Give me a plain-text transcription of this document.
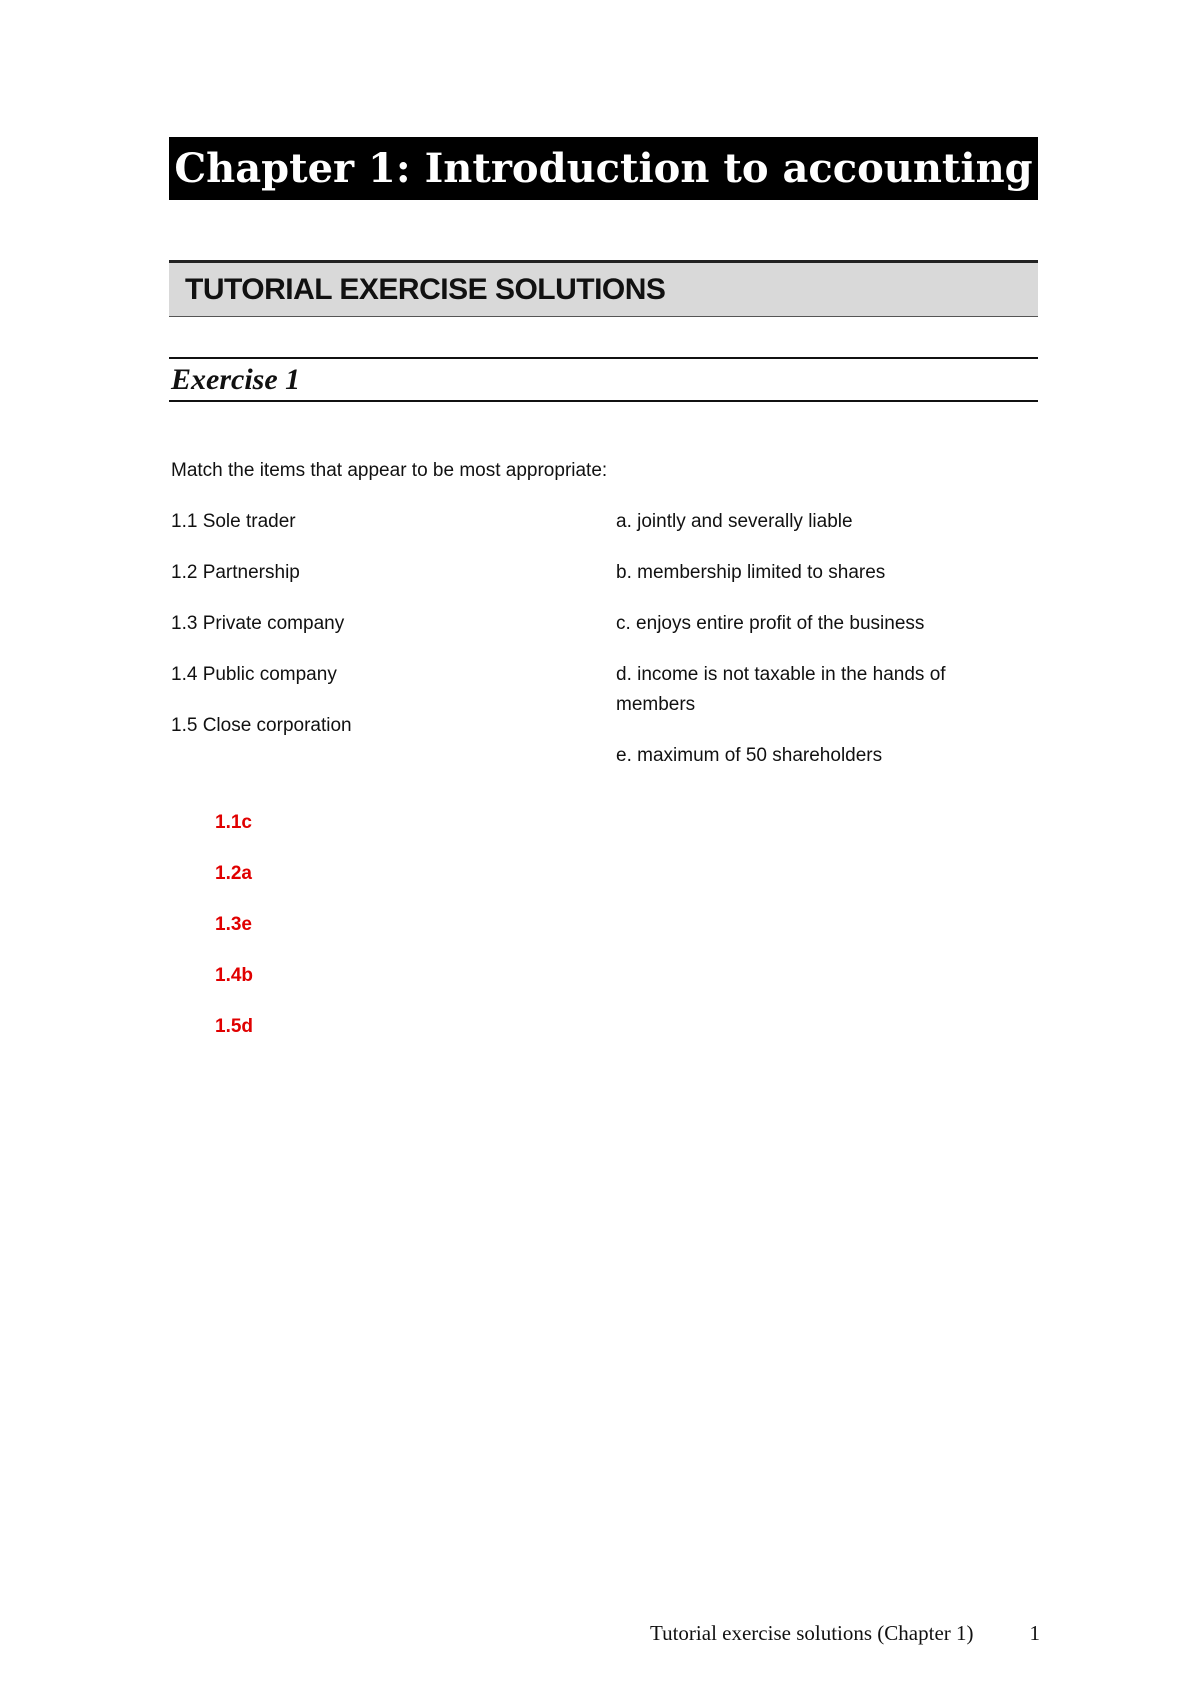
Chapter 1: Introduction to accounting
TUTORIAL EXERCISE SOLUTIONS
Exercise 1
Match the items that appear to be most appropriate:
1.1 Sole trader
1.2 Partnership
1.3 Private company
1.4 Public company
1.5 Close corporation
a. jointly and severally liable
b. membership limited to shares
c. enjoys entire profit of the business
d. income is not taxable in the hands of members
e. maximum of 50 shareholders
1.1c
1.2a
1.3e
1.4b
1.5d
Tutorial exercise solutions (Chapter 1)	1
